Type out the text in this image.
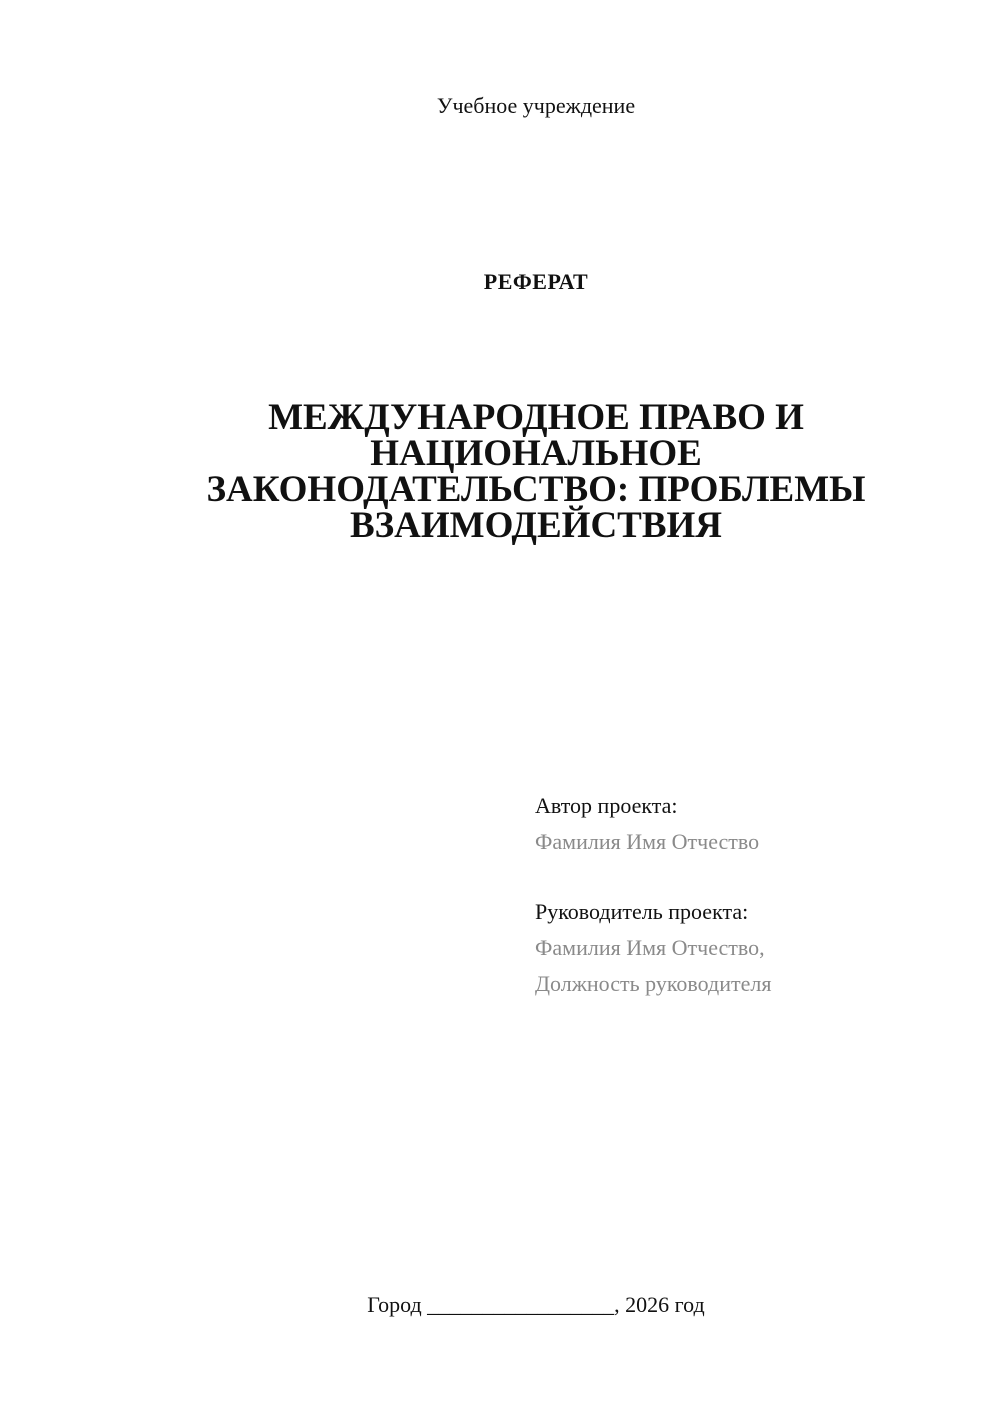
Учебное учреждение
РЕФЕРАТ
МЕЖДУНАРОДНОЕ ПРАВО И
НАЦИОНАЛЬНОЕ
ЗАКОНОДАТЕЛЬСТВО: ПРОБЛЕМЫ
ВЗАИМОДЕЙСТВИЯ
Автор проекта:
Фамилия Имя Отчество
Руководитель проекта:
Фамилия Имя Отчество,
Должность руководителя
Город _________________, 2026 год
